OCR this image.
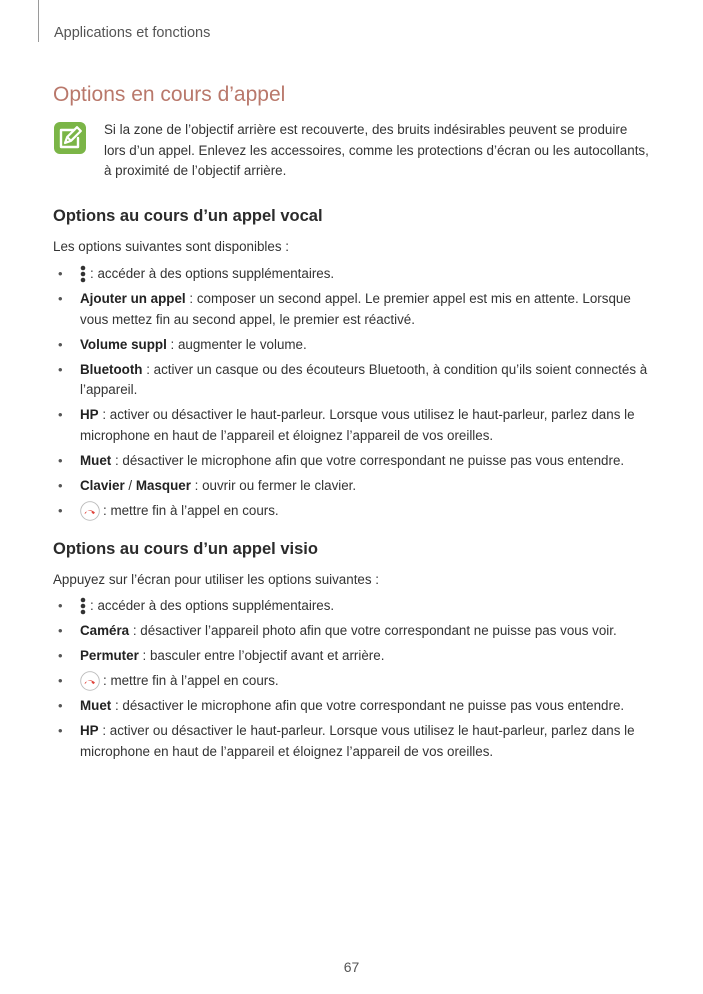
Applications et fonctions
Options en cours d’appel
Si la zone de l’objectif arrière est recouverte, des bruits indésirables peuvent se produire lors d’un appel. Enlevez les accessoires, comme les protections d’écran ou les autocollants, à proximité de l’objectif arrière.
Options au cours d’un appel vocal
Les options suivantes sont disponibles :
• : accéder à des options supplémentaires.
• Ajouter un appel : composer un second appel. Le premier appel est mis en attente. Lorsque vous mettez fin au second appel, le premier est réactivé.
• Volume suppl : augmenter le volume.
• Bluetooth : activer un casque ou des écouteurs Bluetooth, à condition qu’ils soient connectés à l’appareil.
• HP : activer ou désactiver le haut-parleur. Lorsque vous utilisez le haut-parleur, parlez dans le microphone en haut de l’appareil et éloignez l’appareil de vos oreilles.
• Muet : désactiver le microphone afin que votre correspondant ne puisse pas vous entendre.
• Clavier / Masquer : ouvrir ou fermer le clavier.
•	: mettre fin à l’appel en cours.
Options au cours d’un appel visio
Appuyez sur l’écran pour utiliser les options suivantes :
• : accéder à des options supplémentaires.
• Caméra : désactiver l’appareil photo afin que votre correspondant ne puisse pas vous voir.
• Permuter : basculer entre l’objectif avant et arrière.
•	: mettre fin à l’appel en cours.
• Muet : désactiver le microphone afin que votre correspondant ne puisse pas vous entendre.
• HP : activer ou désactiver le haut-parleur. Lorsque vous utilisez le haut-parleur, parlez dans le microphone en haut de l’appareil et éloignez l’appareil de vos oreilles.
67
